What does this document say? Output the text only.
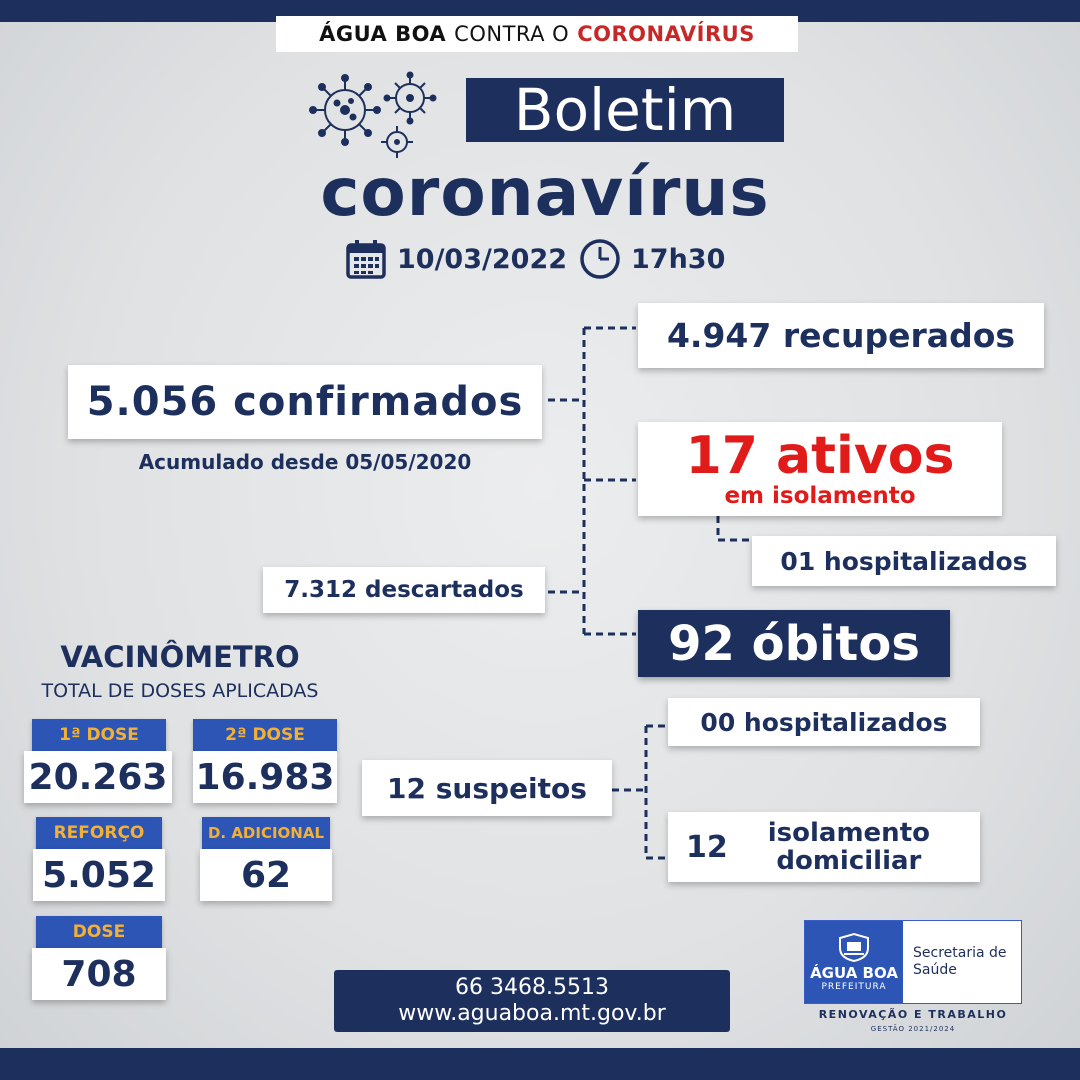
ÁGUA BOA CONTRA O CORONAVÍRUS
Boletim
coronavírus
10/03/2022 17h30
5.056 confirmados
Acumulado desde 05/05/2020
4.947 recuperados
17 ativos
em isolamento
01 hospitalizados
7.312 descartados
92 óbitos
00 hospitalizados
12 suspeitos
12 isolamento
domiciliar
VACINÔMETRO
TOTAL DE DOSES APLICADAS
1ª DOSE
20.263
2ª DOSE
16.983
REFORÇO
5.052
D. ADICIONAL
62
DOSE
708	66 3468.5513
www.aguaboa.mt.gov.br
ÁGUA BOA
PREFEITURA
Secretaria de
Saúde
RENOVAÇÃO E TRABALHO
GESTÃO 2021/2024
